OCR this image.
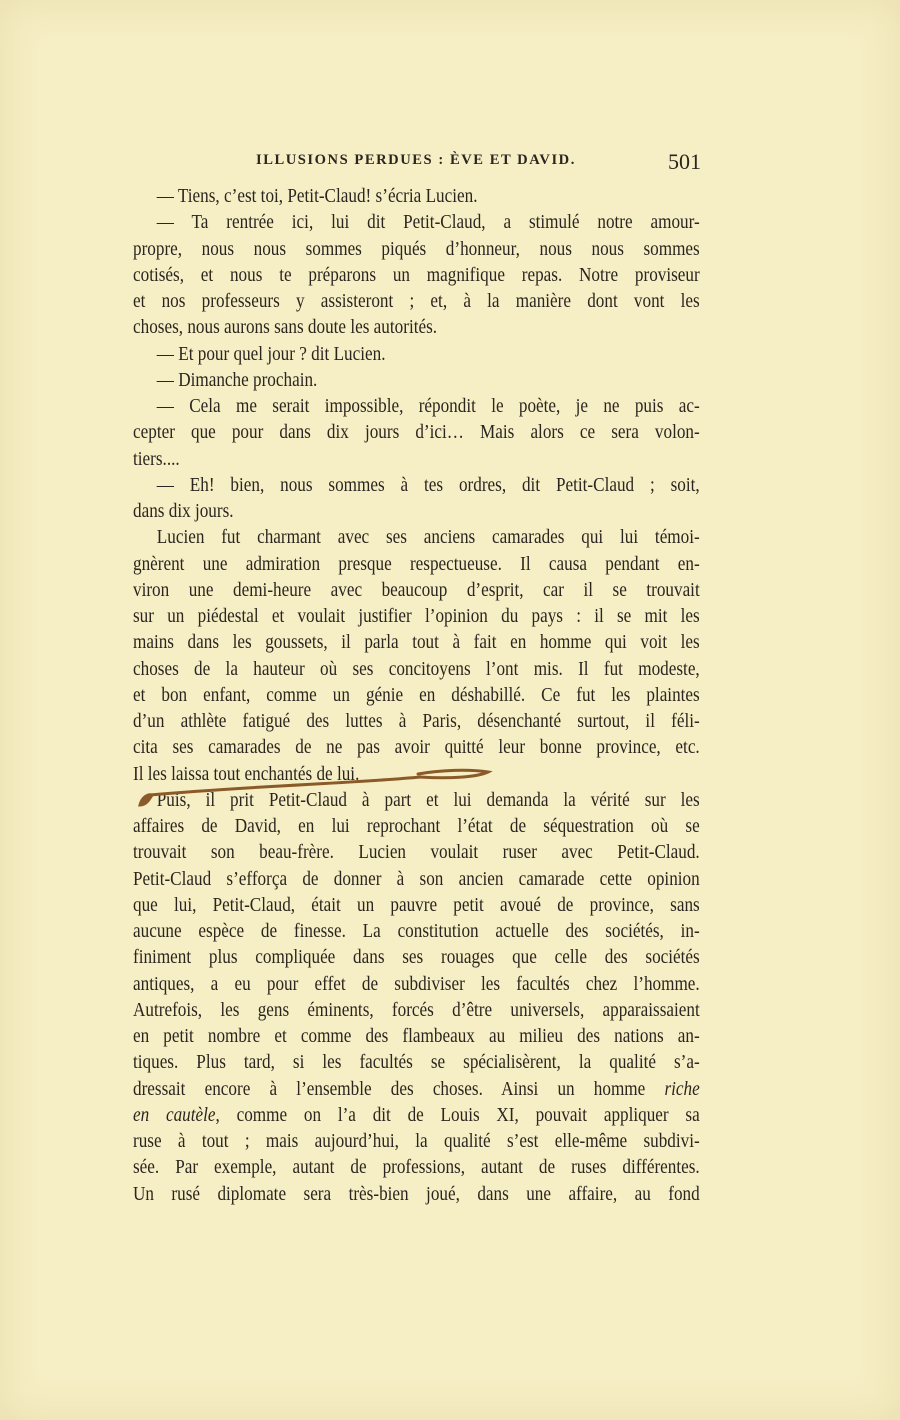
ILLUSIONS PERDUES : ÈVE ET DAVID.	501
— Tiens, c’est toi, Petit-Claud! s’écria Lucien.
— Ta rentrée ici, lui dit Petit-Claud, a stimulé notre amour-
propre, nous nous sommes piqués d’honneur, nous nous sommes
cotisés, et nous te préparons un magnifique repas. Notre proviseur
et nos professeurs y assisteront ; et, à la manière dont vont les
choses, nous aurons sans doute les autorités.
— Et pour quel jour ? dit Lucien.
— Dimanche prochain.
— Cela me serait impossible, répondit le poète, je ne puis ac-
cepter que pour dans dix jours d’ici… Mais alors ce sera volon-
tiers....
— Eh! bien, nous sommes à tes ordres, dit Petit-Claud ; soit,
dans dix jours.
Lucien fut charmant avec ses anciens camarades qui lui témoi-
gnèrent une admiration presque respectueuse. Il causa pendant en-
viron une demi-heure avec beaucoup d’esprit, car il se trouvait
sur un piédestal et voulait justifier l’opinion du pays : il se mit les
mains dans les goussets, il parla tout à fait en homme qui voit les
choses de la hauteur où ses concitoyens l’ont mis. Il fut modeste,
et bon enfant, comme un génie en déshabillé. Ce fut les plaintes
d’un athlète fatigué des luttes à Paris, désenchanté surtout, il féli-
cita ses camarades de ne pas avoir quitté leur bonne province, etc.
Il les laissa tout enchantés de lui.
Puis, il prit Petit-Claud à part et lui demanda la vérité sur les
affaires de David, en lui reprochant l’état de séquestration où se
trouvait son beau-frère. Lucien voulait ruser avec Petit-Claud.
Petit-Claud s’efforça de donner à son ancien camarade cette opinion
que lui, Petit-Claud, était un pauvre petit avoué de province, sans
aucune espèce de finesse. La constitution actuelle des sociétés, in-
finiment plus compliquée dans ses rouages que celle des sociétés
antiques, a eu pour effet de subdiviser les facultés chez l’homme.
Autrefois, les gens éminents, forcés d’être universels, apparaissaient
en petit nombre et comme des flambeaux au milieu des nations an-
tiques. Plus tard, si les facultés se spécialisèrent, la qualité s’a-
dressait encore à l’ensemble des choses. Ainsi un homme riche
en cautèle, comme on l’a dit de Louis XI, pouvait appliquer sa
ruse à tout ; mais aujourd’hui, la qualité s’est elle-même subdivi-
sée. Par exemple, autant de professions, autant de ruses différentes.
Un rusé diplomate sera très-bien joué, dans une affaire, au fond
